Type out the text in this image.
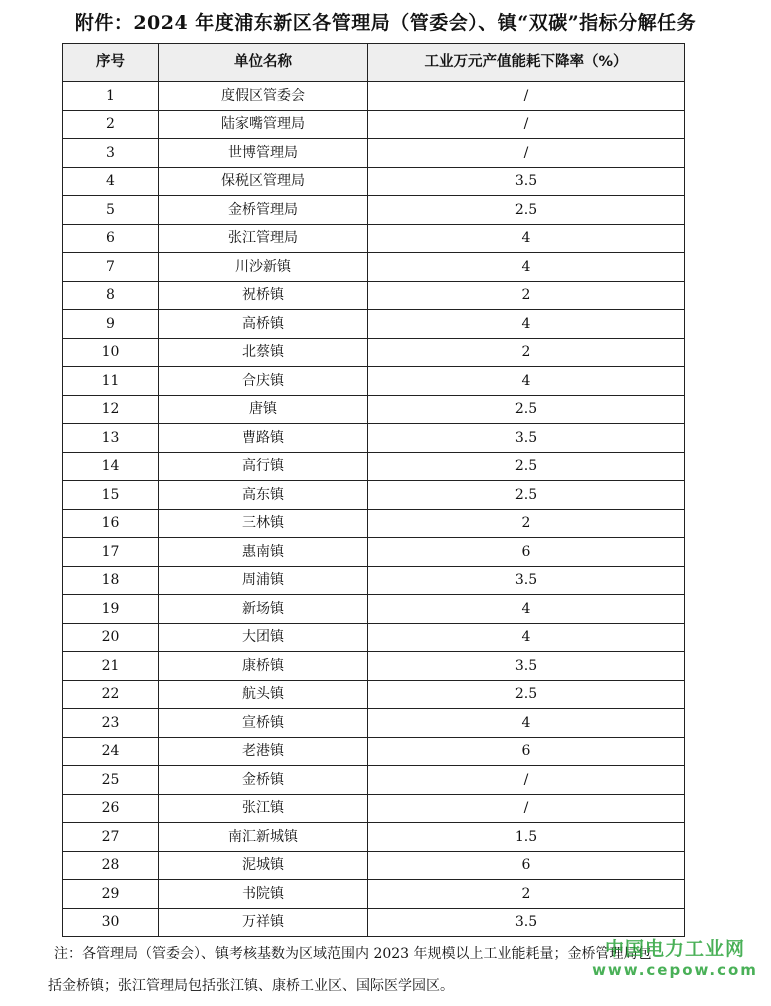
附件：2024 年度浦东新区各管理局（管委会）、镇“双碳”指标分解任务
序号	单位名称	工业万元产值能耗下降率（%）
1	度假区管委会	/
2	陆家嘴管理局	/
3	世博管理局	/
4	保税区管理局	3.5
5	金桥管理局	2.5
6	张江管理局	4
7	川沙新镇	4
8	祝桥镇	2
9	高桥镇	4
10	北蔡镇	2
11	合庆镇	4
12	唐镇	2.5
13	曹路镇	3.5
14	高行镇	2.5
15	高东镇	2.5
16	三林镇	2
17	惠南镇	6
18	周浦镇	3.5
19	新场镇	4
20	大团镇	4
21	康桥镇	3.5
22	航头镇	2.5
23	宣桥镇	4
24	老港镇	6
25	金桥镇	/
26	张江镇	/
27	南汇新城镇	1.5
28	泥城镇	6
29	书院镇	2
30	万祥镇	3.5

注：各管理局（管委会）、镇考核基数为区域范围内 2023 年规模以上工业能耗量；金桥管理局包

括金桥镇；张江管理局包括张江镇、康桥工业区、国际医学园区。

中国电力工业网
www.cepow.com
